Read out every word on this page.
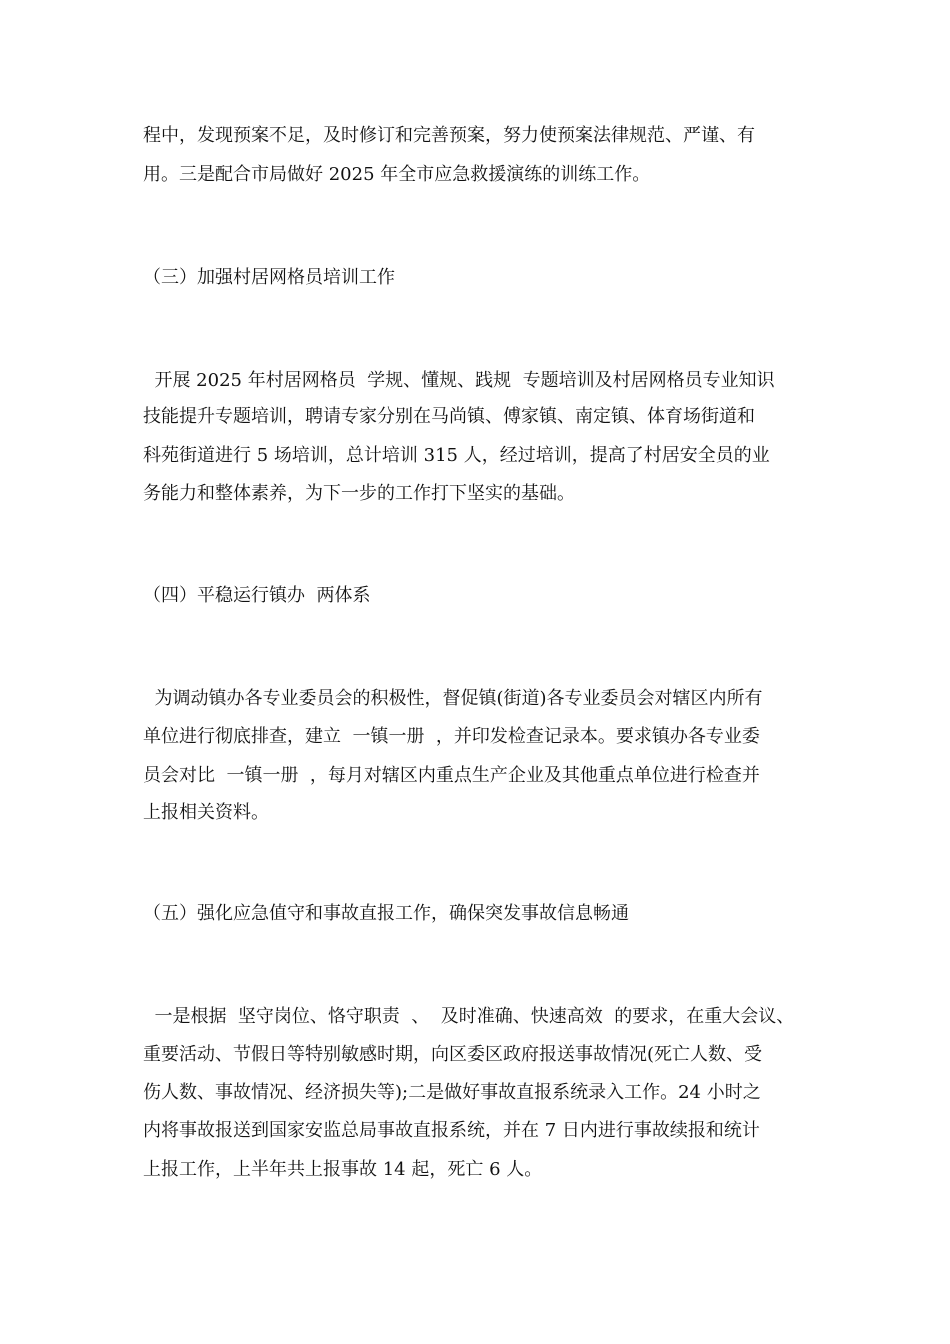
程中，发现预案不足，及时修订和完善预案，努力使预案法律规范、严谨、有

用。三是配合市局做好 2025 年全市应急救援演练的训练工作。

（三）加强村居网格员培训工作

开展 2025 年村居网格员  学规、懂规、践规  专题培训及村居网格员专业知识

技能提升专题培训，聘请专家分别在马尚镇、傅家镇、南定镇、体育场街道和

科苑街道进行 5 场培训，总计培训 315 人，经过培训，提高了村居安全员的业

务能力和整体素养，为下一步的工作打下坚实的基础。

（四）平稳运行镇办  两体系

为调动镇办各专业委员会的积极性，督促镇(街道)各专业委员会对辖区内所有

单位进行彻底排查，建立  一镇一册  ，并印发检查记录本。要求镇办各专业委

员会对比  一镇一册  ，每月对辖区内重点生产企业及其他重点单位进行检查并

上报相关资料。

（五）强化应急值守和事故直报工作，确保突发事故信息畅通

一是根据  坚守岗位、恪守职责  、  及时准确、快速高效  的要求，在重大会议、

重要活动、节假日等特别敏感时期，向区委区政府报送事故情况(死亡人数、受

伤人数、事故情况、经济损失等);二是做好事故直报系统录入工作。24 小时之

内将事故报送到国家安监总局事故直报系统，并在 7 日内进行事故续报和统计

上报工作，上半年共上报事故 14 起，死亡 6 人。
